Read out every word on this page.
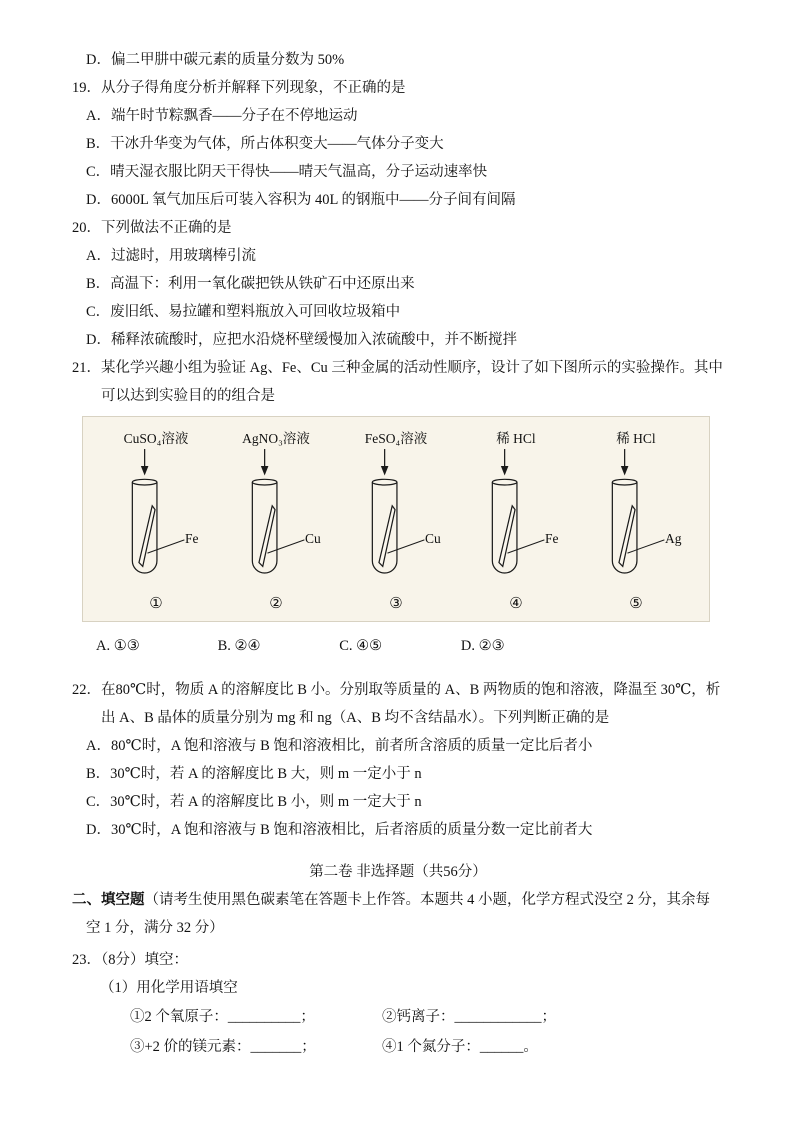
D．偏二甲肼中碳元素的质量分数为 50%
19．从分子得角度分析并解释下列现象，不正确的是
A．端午时节粽飘香——分子在不停地运动
B．干冰升华变为气体，所占体积变大——气体分子变大
C．晴天湿衣服比阴天干得快——晴天气温高，分子运动速率快
D．6000L 氧气加压后可装入容积为 40L 的钢瓶中——分子间有间隔
20．下列做法不正确的是
A．过滤时，用玻璃棒引流
B．高温下：利用一氧化碳把铁从铁矿石中还原出来
C．废旧纸、易拉罐和塑料瓶放入可回收垃圾箱中
D．稀释浓硫酸时，应把水沿烧杯壁缓慢加入浓硫酸中，并不断搅拌
21．某化学兴趣小组为验证 Ag、Fe、Cu 三种金属的活动性顺序，设计了如下图所示的实验操作。其中可以达到实验目的的组合是
CuSO₄溶液
Fe
①
AgNO₃溶液
Cu
②
FeSO₄溶液
Cu
③
稀 HCl
Fe
④
稀 HCl
Ag
⑤
A. ①③	B. ②④	C. ④⑤	D. ②③
22．在80℃时，物质 A 的溶解度比 B 小。分别取等质量的 A、B 两物质的饱和溶液，降温至 30℃，析出 A、B 晶体的质量分别为 mg 和 ng（A、B 均不含结晶水）。下列判断正确的是
A．80℃时，A 饱和溶液与 B 饱和溶液相比，前者所含溶质的质量一定比后者小
B．30℃时，若 A 的溶解度比 B 大，则 m 一定小于 n
C．30℃时，若 A 的溶解度比 B 小，则 m 一定大于 n
D．30℃时，A 饱和溶液与 B 饱和溶液相比，后者溶质的质量分数一定比前者大
第二卷 非选择题（共56分）
二、填空题（请考生使用黑色碳素笔在答题卡上作答。本题共 4 小题，化学方程式没空 2 分，其余每空 1 分，满分 32 分）
23．（8分）填空：
（1）用化学用语填空
①2 个氧原子：__________；	②钙离子：____________；
③+2 价的镁元素：_______；	④1 个氮分子：______。
